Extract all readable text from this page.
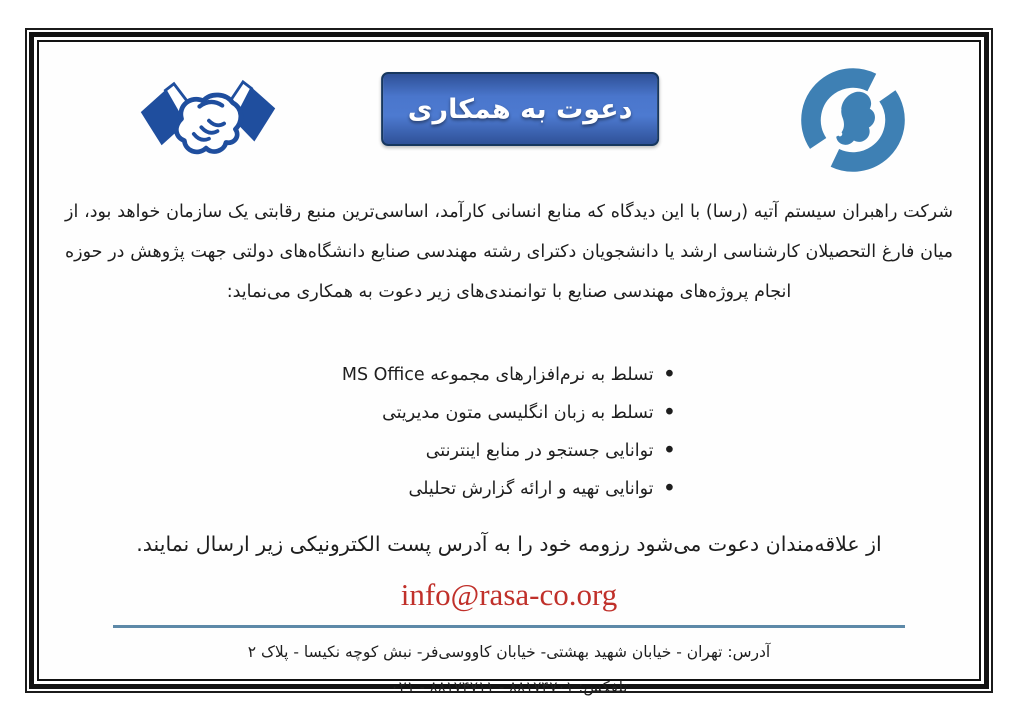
دعوت به همکاری

شرکت راهبران سیستم آتیه (رسا) با این دیدگاه که منابع انسانی کارآمد، اساسی‌ترین منبع رقابتی یک سازمان خواهد بود، از میان فارغ التحصیلان کارشناسی ارشد یا دانشجویان دکترای رشته مهندسی صنایع دانشگاه‌های دولتی جهت پژوهش در حوزه انجام پروژه‌های مهندسی صنایع با توانمندی‌های زیر دعوت به همکاری می‌نماید:

• تسلط به نرم‌افزارهای مجموعه MS Office
• تسلط به زبان انگلیسی متون مدیریتی
• توانایی جستجو در منابع اینترنتی
• توانایی تهیه و ارائه گزارش تحلیلی

از علاقه‌مندان دعوت می‌شود رزومه خود را به آدرس پست الکترونیکی زیر ارسال نمایند.

info@rasa-co.org

آدرس: تهران - خیابان شهید بهشتی- خیابان کاووسی‌فر- نبش کوچه نکیسا - پلاک ۲

تلفکس: ۸۸۱۷۴۷۰۱ - ۸۸۱۷۴۷۱۱ - ۰۲۱
